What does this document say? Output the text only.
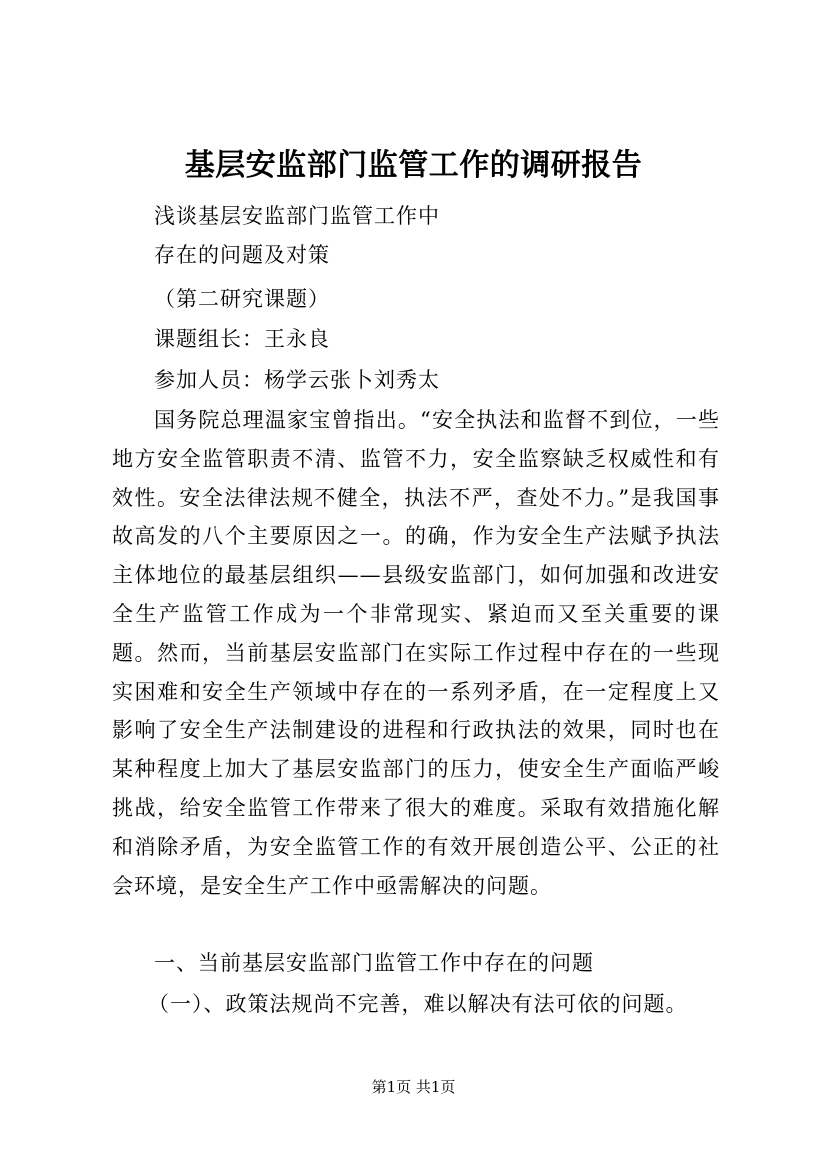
基层安监部门监管工作的调研报告
浅谈基层安监部门监管工作中
存在的问题及对策
（第二研究课题）
课题组长：王永良
参加人员：杨学云张卜刘秀太
国务院总理温家宝曾指出。“安全执法和监督不到位，一些地方安全监管职责不清、监管不力，安全监察缺乏权威性和有效性。安全法律法规不健全，执法不严，查处不力。”是我国事故高发的八个主要原因之一。的确，作为安全生产法赋予执法主体地位的最基层组织——县级安监部门，如何加强和改进安全生产监管工作成为一个非常现实、紧迫而又至关重要的课题。然而，当前基层安监部门在实际工作过程中存在的一些现实困难和安全生产领域中存在的一系列矛盾，在一定程度上又影响了安全生产法制建设的进程和行政执法的效果，同时也在某种程度上加大了基层安监部门的压力，使安全生产面临严峻挑战，给安全监管工作带来了很大的难度。采取有效措施化解和消除矛盾，为安全监管工作的有效开展创造公平、公正的社会环境，是安全生产工作中亟需解决的问题。
一、当前基层安监部门监管工作中存在的问题
（一）、政策法规尚不完善，难以解决有法可依的问题。
第1页 共1页
